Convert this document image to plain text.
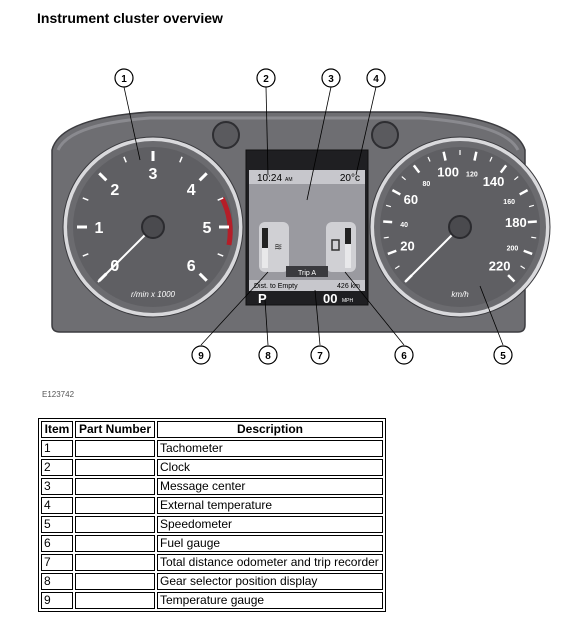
Instrument cluster overview
0
1
2
3
4
5
6
r/min x 1000
20
40
60
80
100 120 140
160
180
200
220
km/h
10:24 AM	20°c
≋
Trip A
Dist. to Empty	426 km
P	00 MPH
1	2	3	4
5
6
7
8
9
E123742
Item	Part Number	Description
1		Tachometer
2		Clock
3		Message center
4		External temperature
5		Speedometer
6		Fuel gauge
7		Total distance odometer and trip recorder
8		Gear selector position display
9		Temperature gauge
